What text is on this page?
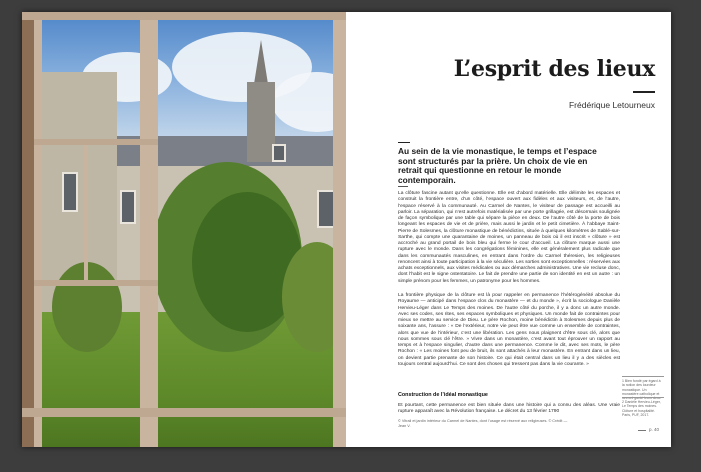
L’esprit des lieux
Frédérique Letourneux
Au sein de la vie monastique, le temps et l’espace sont structurés par la prière. Un choix de vie en retrait qui questionne en retour le monde contemporain.
La clôture fascine autant qu’elle questionne. Elle est d’abord matérielle. Elle délimite les espaces et construit la frontière entre, d’un côté, l’espace ouvert aux fidèles et aux visiteurs, et, de l’autre, l’espace réservé à la communauté. Au Carmel de Nantes, le visiteur de passage est accueilli au parloir. La séparation, qui n’est autrefois matérialisée par une porte grillagée, est désormais soulignée de façon symbolique par une table qui sépare la pièce en deux. De l’autre côté de la porte de bois longeant les espaces de vie et de prière, mais aussi le jardin et le petit cimetière. À l’abbaye Saint-Pierre de Solesmes, la clôture monastique de bénédictins, située à quelques kilomètres de Sablé-sur-Sarthe, qui compte une quarantaine de moines, un panneau de bois où il est inscrit « clôture » est accroché au grand portail de bois bleu qui ferme le cour d’accueil. La clôture marque aussi une rupture avec le monde. Dans les congrégations féminines, elle est généralement plus radicale que dans les communautés masculines, en entrant dans l’ordre du Carmel théresien, les religieuses renoncent ainsi à toute participation à la vie séculière. Les sorties sont exceptionnelles : réservées aux achats exceptionnels, aux visites médicales ou aux démarches administratives. Une vie recluse donc, dont l’habit est le signe ostentatoire. Le fait de prendre une partie de son identité en est un autre : un simple prénom pour les femmes, un patronyme pour les hommes.
La frontière physique de la clôture est là pour rappeler en permanence l’hétérogénéité absolue du Royaume — anticipé dans l’espace clos du monastère — et du monde », écrit la sociologue Danièle Hervieu-Léger dans Le Temps des moines. De l’autre côté du porche, il y a donc un autre monde. Avec ses codes, ses rites, ses espaces symboliques et physiques. Un monde fait de contraintes pour mieux se mettre au service de Dieu. Le père Rochon, moine bénédictin à Solesmes depuis plus de soixante ans, l’assure : « De l’extérieur, notre vie peut être vue comme un ensemble de contraintes, alors que vue de l’intérieur, c’est une libération. Les gens nous plaignent d’être sous clé, alors que nous sommes sous clé l’être. » Vivre dans un monastère, c’est avant tout éprouver un rapport au temps et à l’espace singulier, d’autre dans une permanence. Comme le dit, avec ses mots, le père Rochon : « Les moines font peu de bruit, ils sont attachés à leur monastère. En entrant dans un lieu, on devient partie prenante de son histoire. Ce qui était central dans un lieu il y a des siècles est toujours central aujourd’hui. Ce sont des choses qui tressent pas dans la vie courante. »
Construction de l’idéal monastique
Et pourtant, cette permanence est bien située dans une histoire qui a connu des aléas. Une vraie rupture apparaît avec la Révolution française. Le décret du 13 février 1790
© Vitrail et jardin intérieur du Carmel de Nantes, dont l’usage est réservé aux religieuses. © Crédit — Jean V.
1 Bien fondé par égard à la notion des lourdeur monastique. Un monastère catholique et ses ont gardé leurs deux.
2 Danièle Hervieu-Léger, Le Temps des moines. Clôture et hospitalité. Paris, PUF, 2017.
p. 40
